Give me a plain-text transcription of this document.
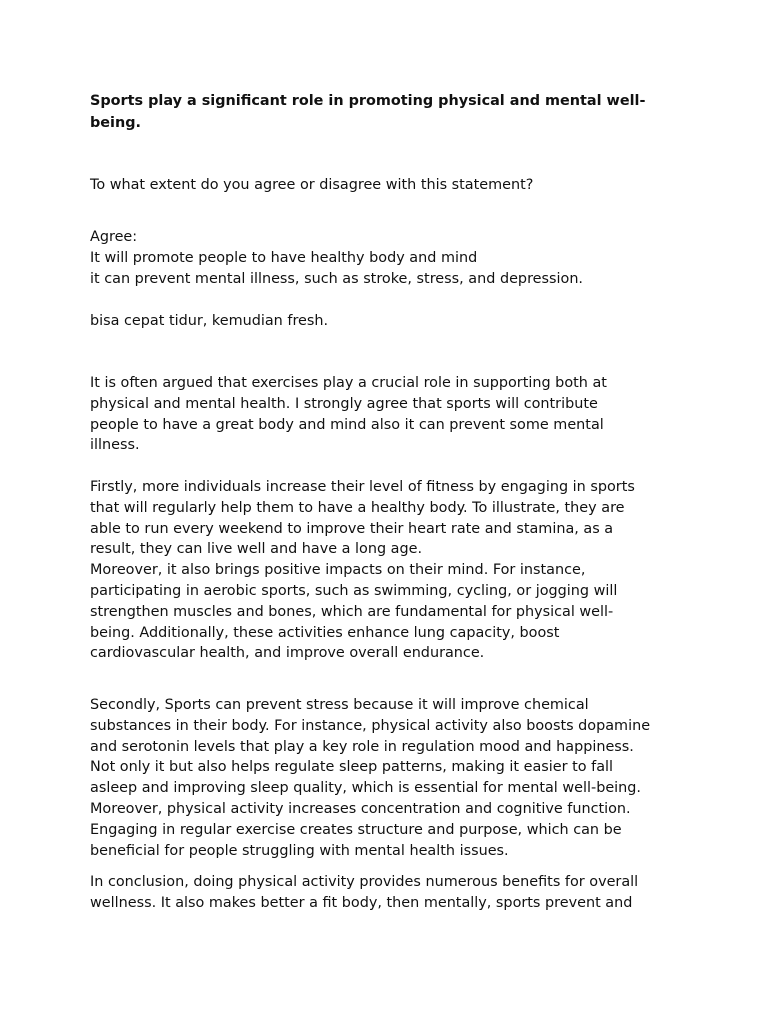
Sports play a significant role in promoting physical and mental well-
being.
To what extent do you agree or disagree with this statement?
Agree:
It will promote people to have healthy body and mind
it can prevent mental illness, such as stroke, stress, and depression.
bisa cepat tidur, kemudian fresh.
It is often argued that exercises play a crucial role in supporting both at
physical and mental health. I strongly agree that sports will contribute
people to have a great body and mind also it can prevent some mental
illness.
Firstly, more individuals increase their level of fitness by engaging in sports
that will regularly help them to have a healthy body. To illustrate, they are
able to run every weekend to improve their heart rate and stamina, as a
result, they can live well and have a long age.
Moreover, it also brings positive impacts on their mind. For instance,
participating in aerobic sports, such as swimming, cycling, or jogging will
strengthen muscles and bones, which are fundamental for physical well-
being. Additionally, these activities enhance lung capacity, boost
cardiovascular health, and improve overall endurance.
Secondly, Sports can prevent stress because it will improve chemical
substances in their body. For instance, physical activity also boosts dopamine
and serotonin levels that play a key role in regulation mood and happiness.
Not only it but also helps regulate sleep patterns, making it easier to fall
asleep and improving sleep quality, which is essential for mental well-being.
Moreover, physical activity increases concentration and cognitive function.
Engaging in regular exercise creates structure and purpose, which can be
beneficial for people struggling with mental health issues.
In conclusion, doing physical activity provides numerous benefits for overall
wellness. It also makes better a fit body, then mentally, sports prevent and
